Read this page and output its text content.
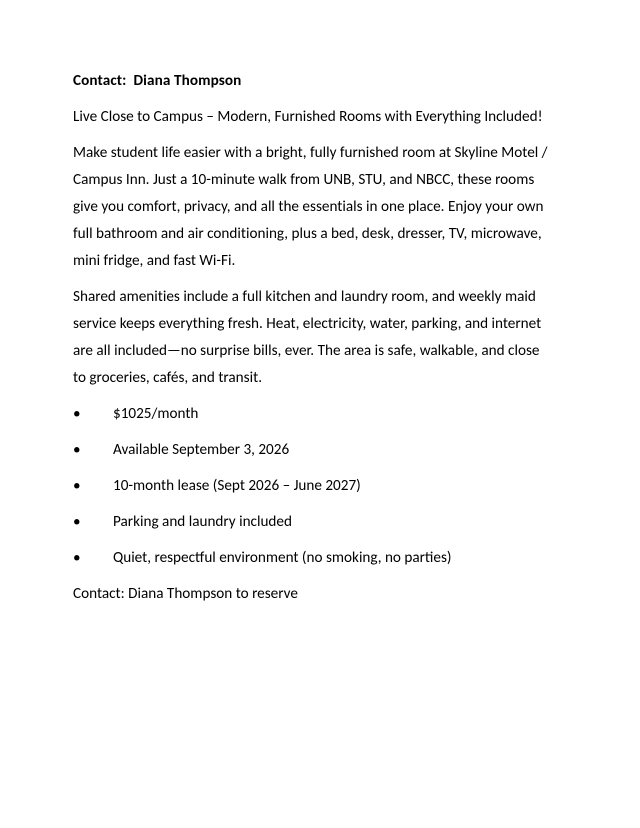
Contact:  Diana Thompson

Live Close to Campus – Modern, Furnished Rooms with Everything Included!

Make student life easier with a bright, fully furnished room at Skyline Motel / Campus Inn. Just a 10-minute walk from UNB, STU, and NBCC, these rooms give you comfort, privacy, and all the essentials in one place. Enjoy your own full bathroom and air conditioning, plus a bed, desk, dresser, TV, microwave, mini fridge, and fast Wi-Fi.

Shared amenities include a full kitchen and laundry room, and weekly maid service keeps everything fresh. Heat, electricity, water, parking, and internet are all included—no surprise bills, ever. The area is safe, walkable, and close to groceries, cafés, and transit.

• $1025/month
• Available September 3, 2026
• 10-month lease (Sept 2026 – June 2027)
• Parking and laundry included
• Quiet, respectful environment (no smoking, no parties)

Contact: Diana Thompson to reserve
